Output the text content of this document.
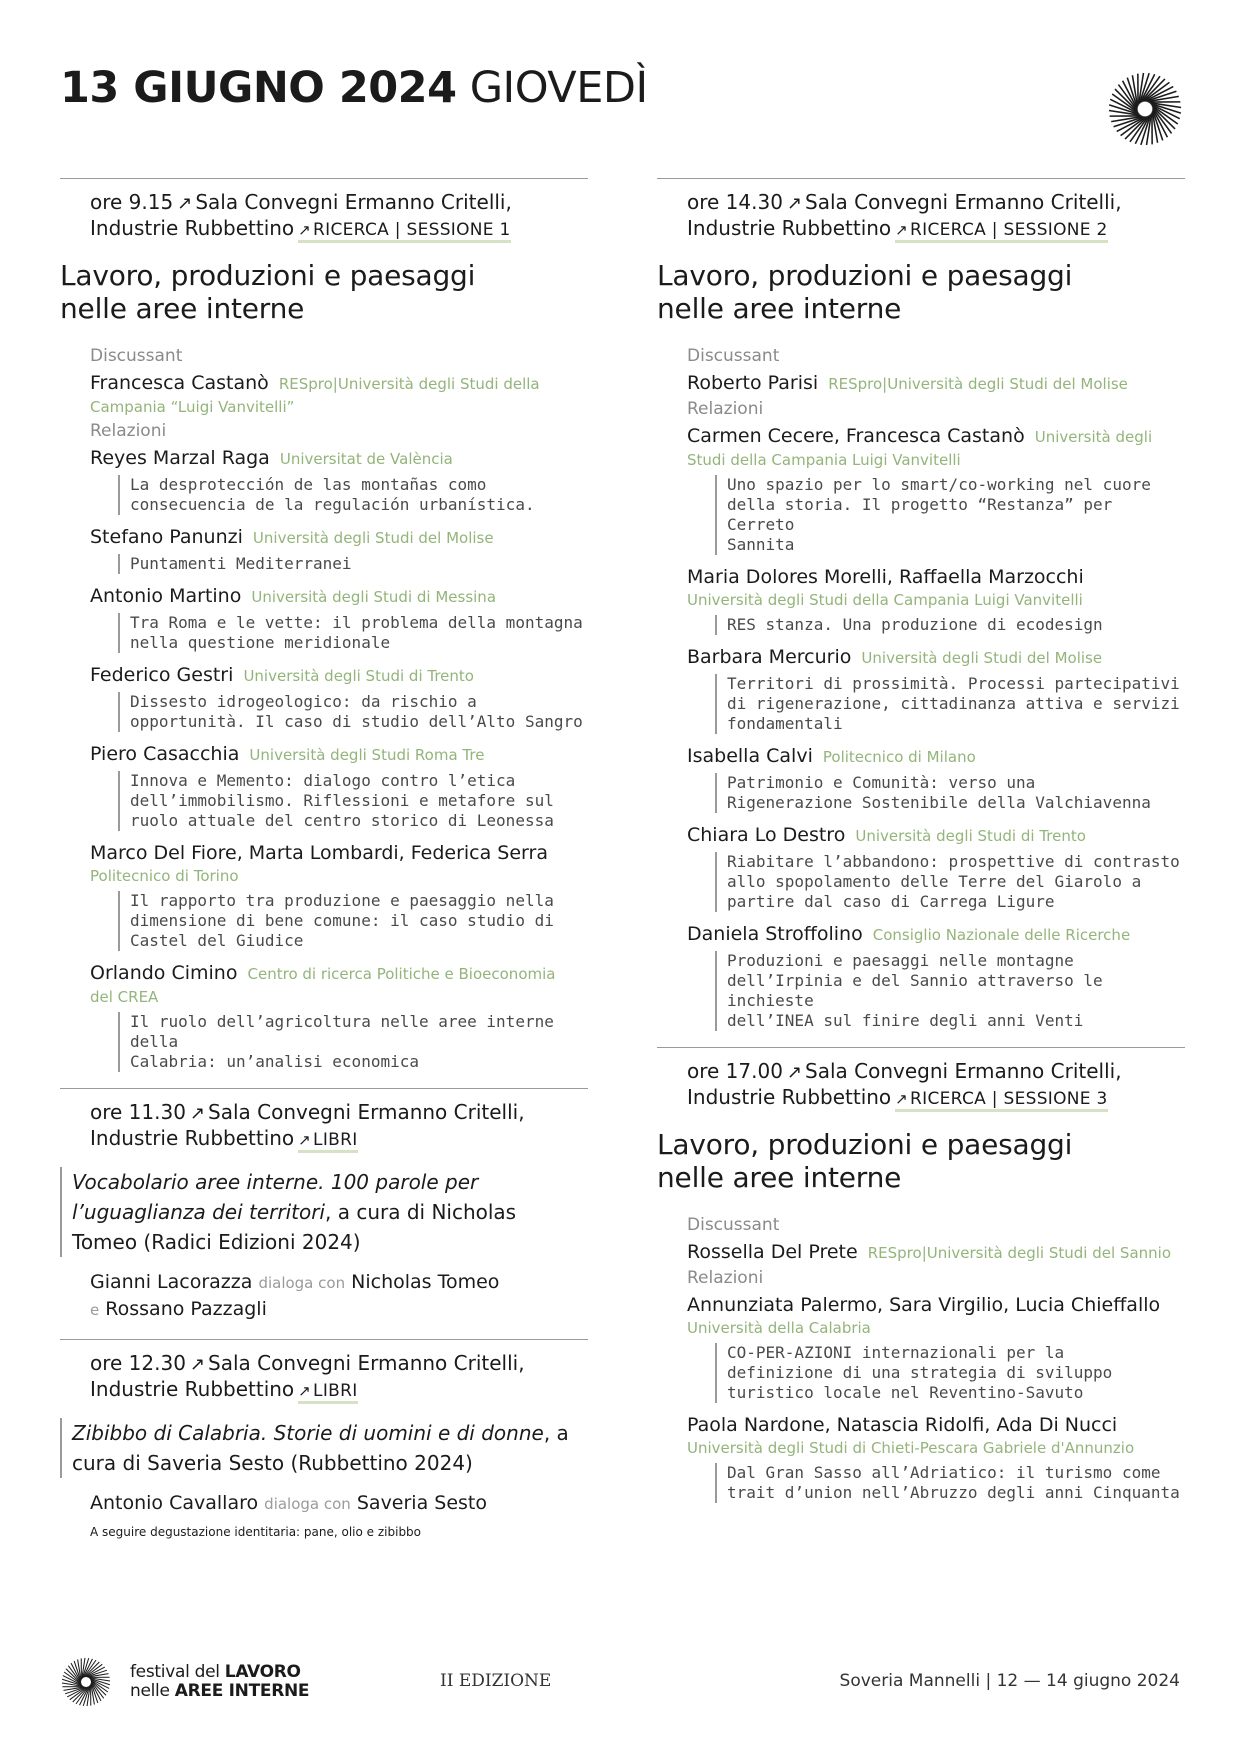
13 GIUGNO 2024 GIOVEDÌ
ore 9.15 ↗ Sala Convegni Ermanno Critelli,
Industrie Rubbettino ↗ RICERCA | SESSIONE 1
Lavoro, produzioni e paesaggi
nelle aree interne
Discussant
Francesca Castanò RESpro|Università degli Studi della
Campania “Luigi Vanvitelli”
Relazioni
Reyes Marzal Raga Universitat de València
La desprotección de las montañas como
consecuencia de la regulación urbanística.
Stefano Panunzi Università degli Studi del Molise
Puntamenti Mediterranei
Antonio Martino Università degli Studi di Messina
Tra Roma e le vette: il problema della montagna
nella questione meridionale
Federico Gestri Università degli Studi di Trento
Dissesto idrogeologico: da rischio a
opportunità. Il caso di studio dell’Alto Sangro
Piero Casacchia Università degli Studi Roma Tre
Innova e Memento: dialogo contro l’etica
dell’immobilismo. Riflessioni e metafore sul
ruolo attuale del centro storico di Leonessa
Marco Del Fiore, Marta Lombardi, Federica Serra
Politecnico di Torino
Il rapporto tra produzione e paesaggio nella
dimensione di bene comune: il caso studio di
Castel del Giudice
Orlando Cimino Centro di ricerca Politiche e Bioeconomia
del CREA
Il ruolo dell’agricoltura nelle aree interne della
Calabria: un’analisi economica
ore 11.30 ↗ Sala Convegni Ermanno Critelli,
Industrie Rubbettino ↗ LIBRI
Vocabolario aree interne. 100 parole per
l’uguaglianza dei territori, a cura di Nicholas
Tomeo (Radici Edizioni 2024)
Gianni Lacorazza dialoga con Nicholas Tomeo
e Rossano Pazzagli
ore 12.30 ↗ Sala Convegni Ermanno Critelli,
Industrie Rubbettino ↗ LIBRI
Zibibbo di Calabria. Storie di uomini e di donne, a
cura di Saveria Sesto (Rubbettino 2024)
Antonio Cavallaro dialoga con Saveria Sesto
A seguire degustazione identitaria: pane, olio e zibibbo
ore 14.30 ↗ Sala Convegni Ermanno Critelli,
Industrie Rubbettino ↗ RICERCA | SESSIONE 2
Lavoro, produzioni e paesaggi
nelle aree interne
Discussant
Roberto Parisi RESpro|Università degli Studi del Molise
Relazioni
Carmen Cecere, Francesca Castanò Università degli
Studi della Campania Luigi Vanvitelli
Uno spazio per lo smart/co-working nel cuore
della storia. Il progetto “Restanza” per Cerreto
Sannita
Maria Dolores Morelli, Raffaella Marzocchi
Università degli Studi della Campania Luigi Vanvitelli
RES stanza. Una produzione di ecodesign
Barbara Mercurio Università degli Studi del Molise
Territori di prossimità. Processi partecipativi
di rigenerazione, cittadinanza attiva e servizi
fondamentali
Isabella Calvi Politecnico di Milano
Patrimonio e Comunità: verso una
Rigenerazione Sostenibile della Valchiavenna
Chiara Lo Destro Università degli Studi di Trento
Riabitare l’abbandono: prospettive di contrasto
allo spopolamento delle Terre del Giarolo a
partire dal caso di Carrega Ligure
Daniela Stroffolino Consiglio Nazionale delle Ricerche
Produzioni e paesaggi nelle montagne
dell’Irpinia e del Sannio attraverso le inchieste
dell’INEA sul finire degli anni Venti
ore 17.00 ↗ Sala Convegni Ermanno Critelli,
Industrie Rubbettino ↗ RICERCA | SESSIONE 3
Lavoro, produzioni e paesaggi
nelle aree interne
Discussant
Rossella Del Prete RESpro|Università degli Studi del Sannio
Relazioni
Annunziata Palermo, Sara Virgilio, Lucia Chieffallo
Università della Calabria
CO-PER-AZIONI internazionali per la
definizione di una strategia di sviluppo
turistico locale nel Reventino-Savuto
Paola Nardone, Natascia Ridolfi, Ada Di Nucci
Università degli Studi di Chieti-Pescara Gabriele d'Annunzio
Dal Gran Sasso all’Adriatico: il turismo come
trait d’union nell’Abruzzo degli anni Cinquanta
festival del LAVORO
nelle AREE INTERNE	II EDIZIONE	Soveria Mannelli | 12 — 14 giugno 2024
